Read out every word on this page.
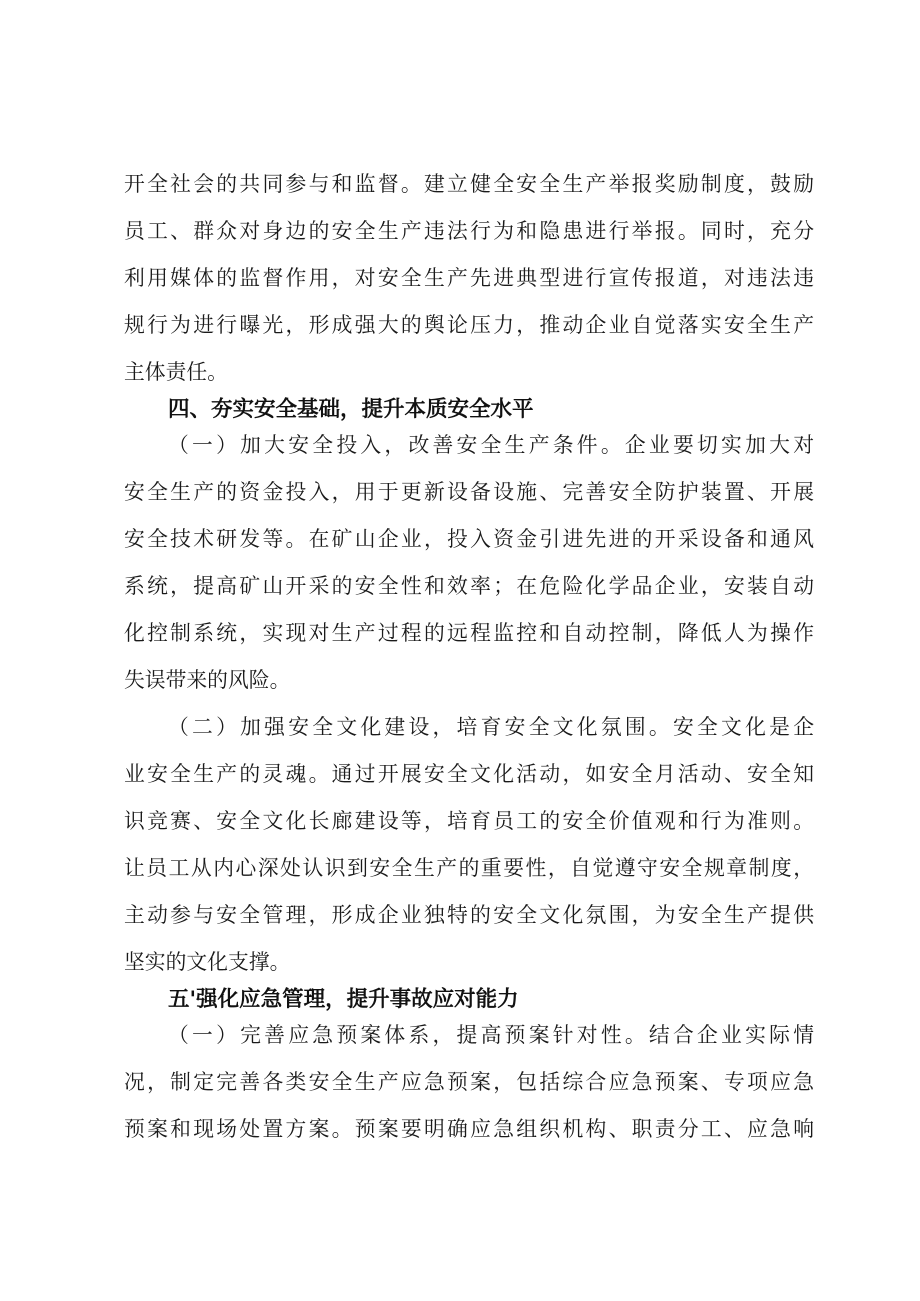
开全社会的共同参与和监督。建立健全安全生产举报奖励制度，鼓励
员工、群众对身边的安全生产违法行为和隐患进行举报。同时，充分
利用媒体的监督作用，对安全生产先进典型进行宣传报道，对违法违
规行为进行曝光，形成强大的舆论压力，推动企业自觉落实安全生产
主体责任。
四、夯实安全基础，提升本质安全水平
（一）加大安全投入，改善安全生产条件。企业要切实加大对
安全生产的资金投入，用于更新设备设施、完善安全防护装置、开展
安全技术研发等。在矿山企业，投入资金引进先进的开采设备和通风
系统，提高矿山开采的安全性和效率；在危险化学品企业，安装自动
化控制系统，实现对生产过程的远程监控和自动控制，降低人为操作
失误带来的风险。
（二）加强安全文化建设，培育安全文化氛围。安全文化是企
业安全生产的灵魂。通过开展安全文化活动，如安全月活动、安全知
识竞赛、安全文化长廊建设等，培育员工的安全价值观和行为准则。
让员工从内心深处认识到安全生产的重要性，自觉遵守安全规章制度，
主动参与安全管理，形成企业独特的安全文化氛围，为安全生产提供
坚实的文化支撑。
五'强化应急管理，提升事故应对能力
（一）完善应急预案体系，提高预案针对性。结合企业实际情
况，制定完善各类安全生产应急预案，包括综合应急预案、专项应急
预案和现场处置方案。预案要明确应急组织机构、职责分工、应急响
